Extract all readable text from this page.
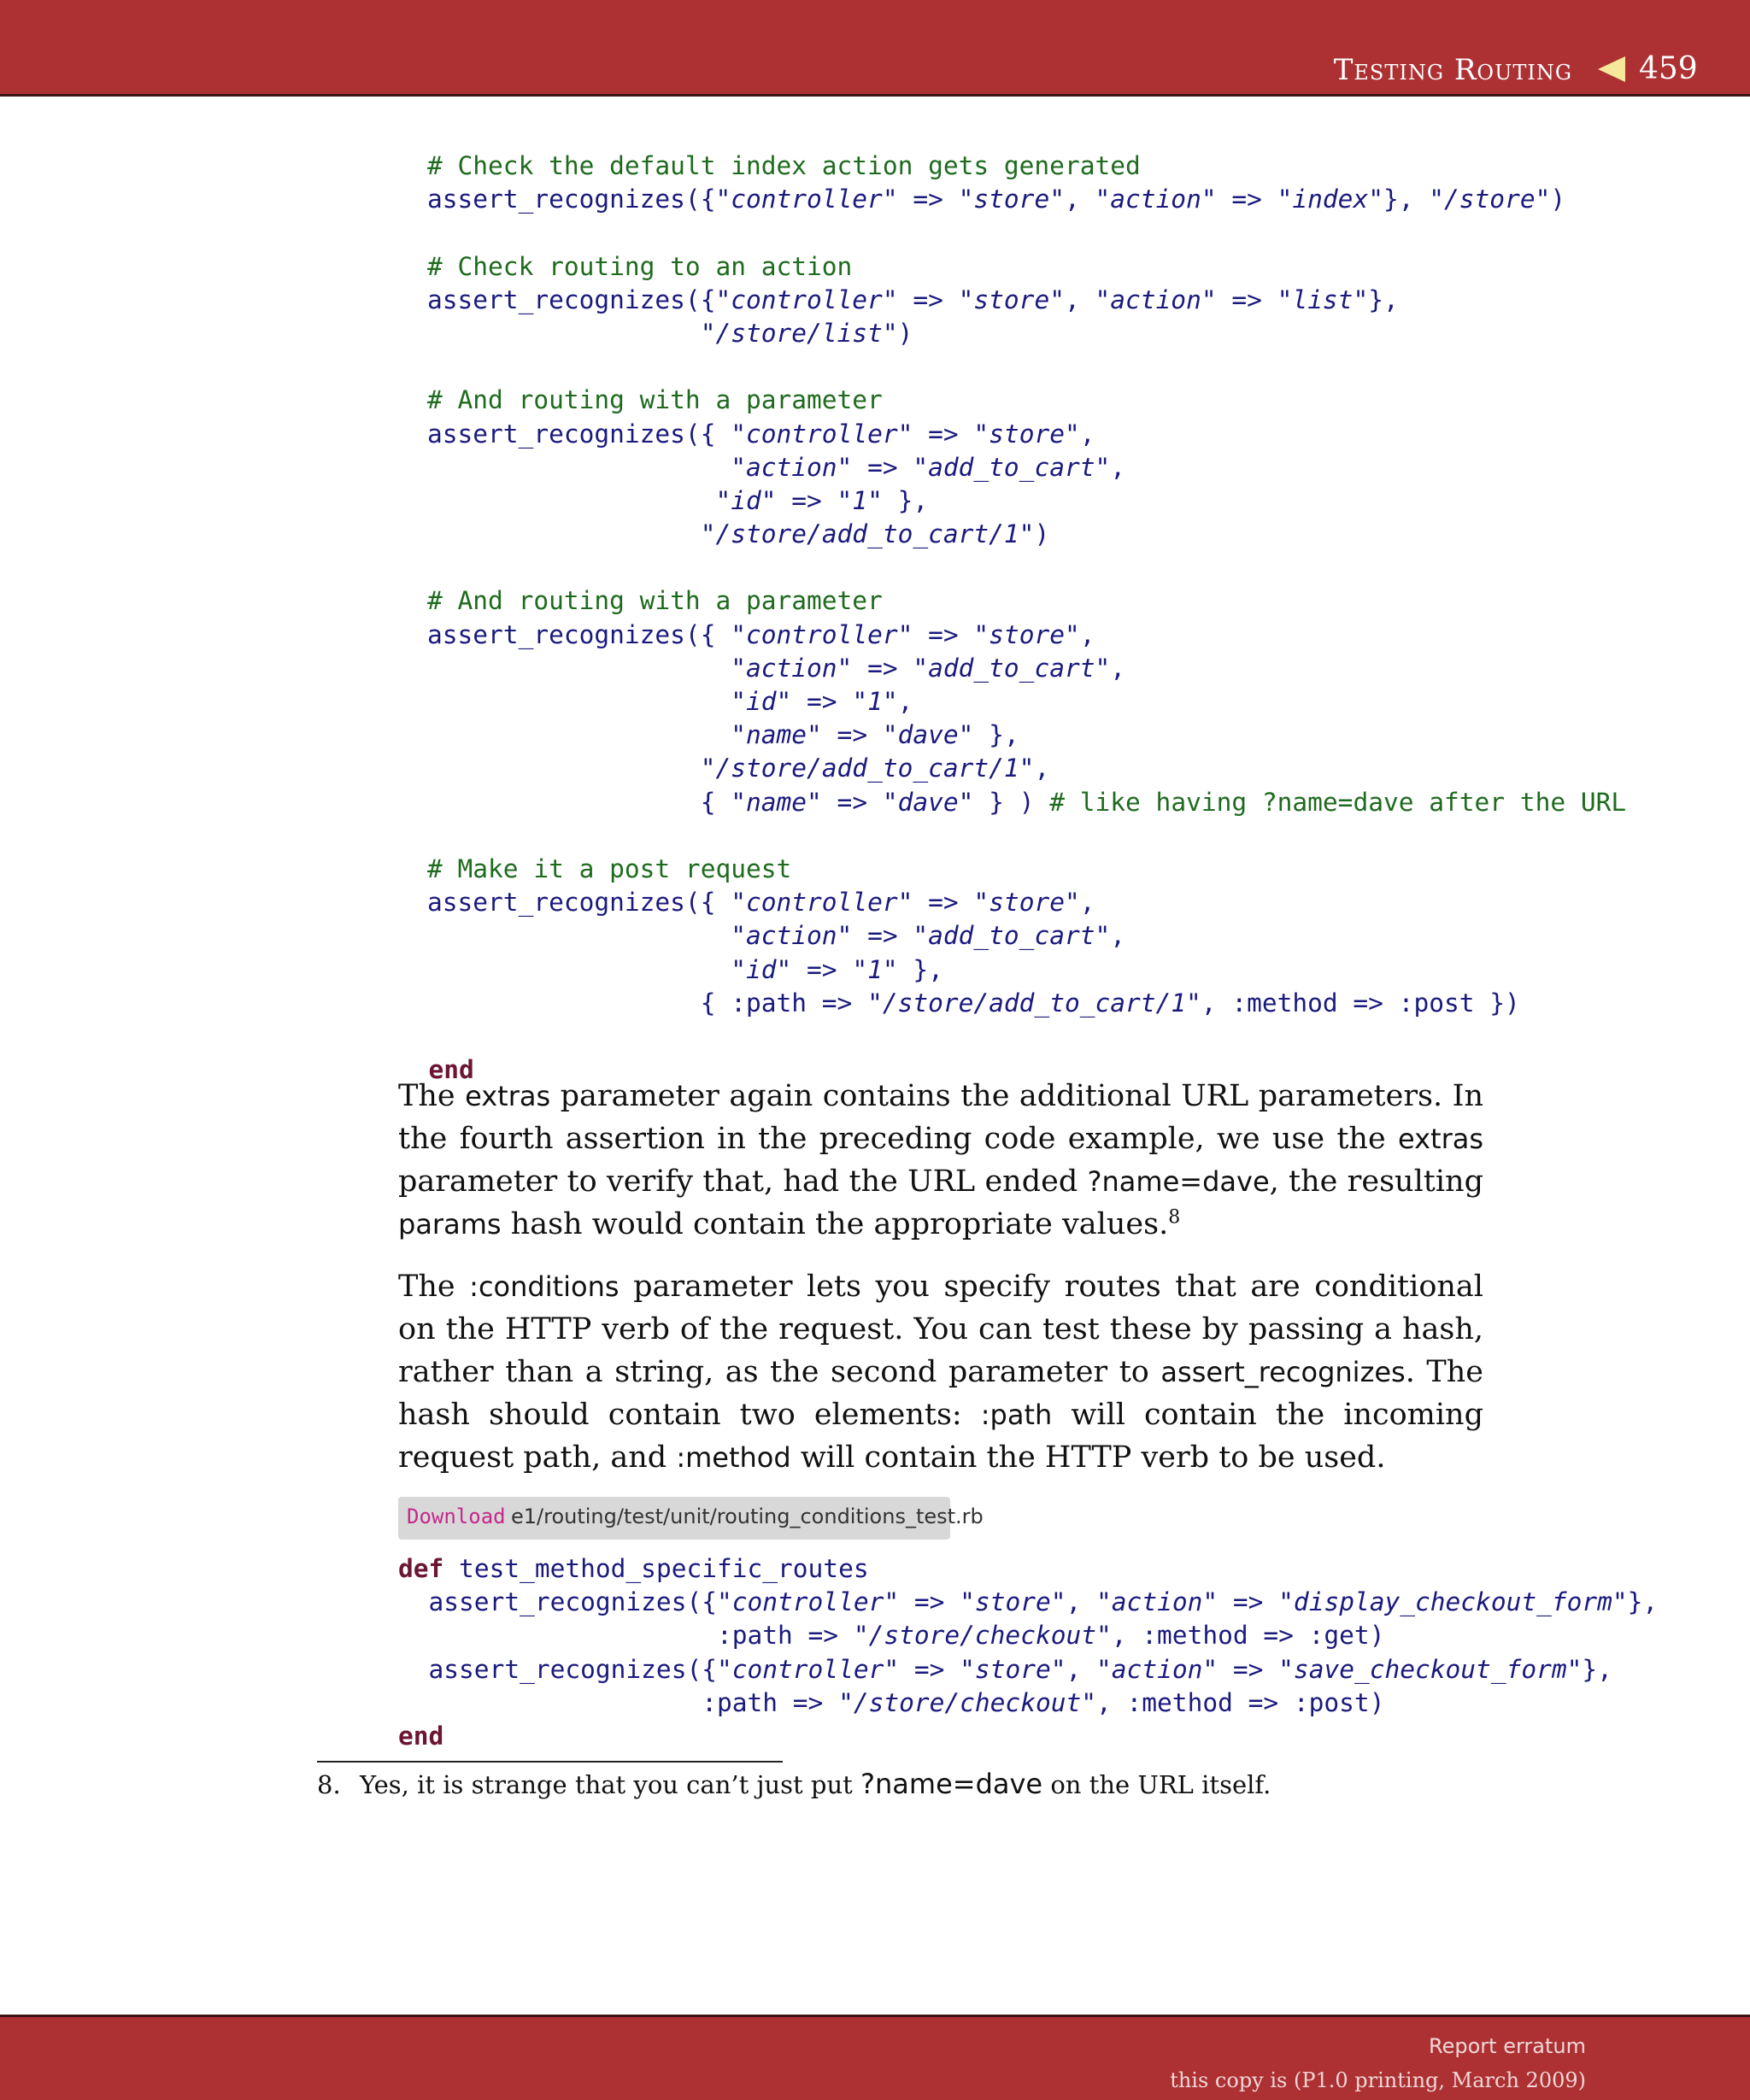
Testing Routing 459
# Check the default index action gets generated
assert_recognizes({"controller" => "store", "action" => "index"}, "/store")

# Check routing to an action
assert_recognizes({"controller" => "store", "action" => "list"},
"/store/list")

# And routing with a parameter
assert_recognizes({ "controller" => "store",
"action" => "add_to_cart",
"id" => "1" },
"/store/add_to_cart/1")

# And routing with a parameter
assert_recognizes({ "controller" => "store",
"action" => "add_to_cart",
"id" => "1",
"name" => "dave" },
"/store/add_to_cart/1",
{ "name" => "dave" } ) # like having ?name=dave after the URL

# Make it a post request
assert_recognizes({ "controller" => "store",
"action" => "add_to_cart",
"id" => "1" },
{ :path => "/store/add_to_cart/1", :method => :post })

end

The extras parameter again contains the additional URL parameters. In the fourth assertion in the preceding code example, we use the extras parameter to verify that, had the URL ended ?name=dave, the resulting params hash would contain the appropriate values.$^8$

The :conditions parameter lets you specify routes that are conditional on the HTTP verb of the request. You can test these by passing a hash, rather than a string, as the second parameter to assert_recognizes. The hash should contain two elements: :path will contain the incoming request path, and :method will contain the HTTP verb to be used.

Download e1/routing/test/unit/routing_conditions_test.rb
def test_method_specific_routes
assert_recognizes({"controller" => "store", "action" => "display_checkout_form"},
:path => "/store/checkout", :method => :get)
assert_recognizes({"controller" => "store", "action" => "save_checkout_form"},
:path => "/store/checkout", :method => :post)
end
8. Yes, it is strange that you can’t just put ?name=dave on the URL itself.
Report erratum
this copy is (P1.0 printing, March 2009)
